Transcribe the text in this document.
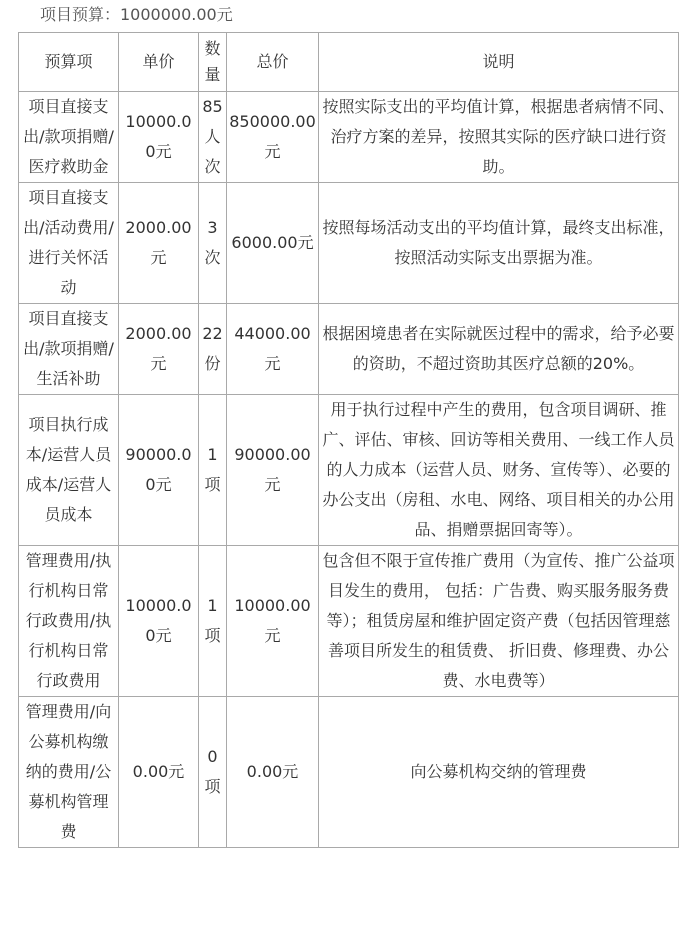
项目预算：1000000.00元
预算项	单价	数量	总价	说明
项目直接支出/款项捐赠/医疗救助金	10000.00元	85人次	850000.00元	按照实际支出的平均值计算，根据患者病情不同、治疗方案的差异，按照其实际的医疗缺口进行资助。
项目直接支出/活动费用/进行关怀活动	2000.00元	3次	6000.00元	按照每场活动支出的平均值计算，最终支出标准，按照活动实际支出票据为准。
项目直接支出/款项捐赠/生活补助	2000.00元	22份	44000.00元	根据困境患者在实际就医过程中的需求，给予必要的资助，不超过资助其医疗总额的20%。
项目执行成本/运营人员成本/运营人员成本	90000.00元	1项	90000.00元	用于执行过程中产生的费用，包含项目调研、推广、评估、审核、回访等相关费用、一线工作人员的人力成本（运营人员、财务、宣传等）、必要的办公支出（房租、水电、网络、项目相关的办公用品、捐赠票据回寄等）。
管理费用/执行机构日常行政费用/执行机构日常行政费用	10000.00元	1项	10000.00元	包含但不限于宣传推广费用（为宣传、推广公益项目发生的费用， 包括：广告费、购买服务服务费等）；租赁房屋和维护固定资产费（包括因管理慈善项目所发生的租赁费、 折旧费、修理费、办公费、水电费等）
管理费用/向公募机构缴纳的费用/公募机构管理费	0.00元	0项	0.00元	向公募机构交纳的管理费
